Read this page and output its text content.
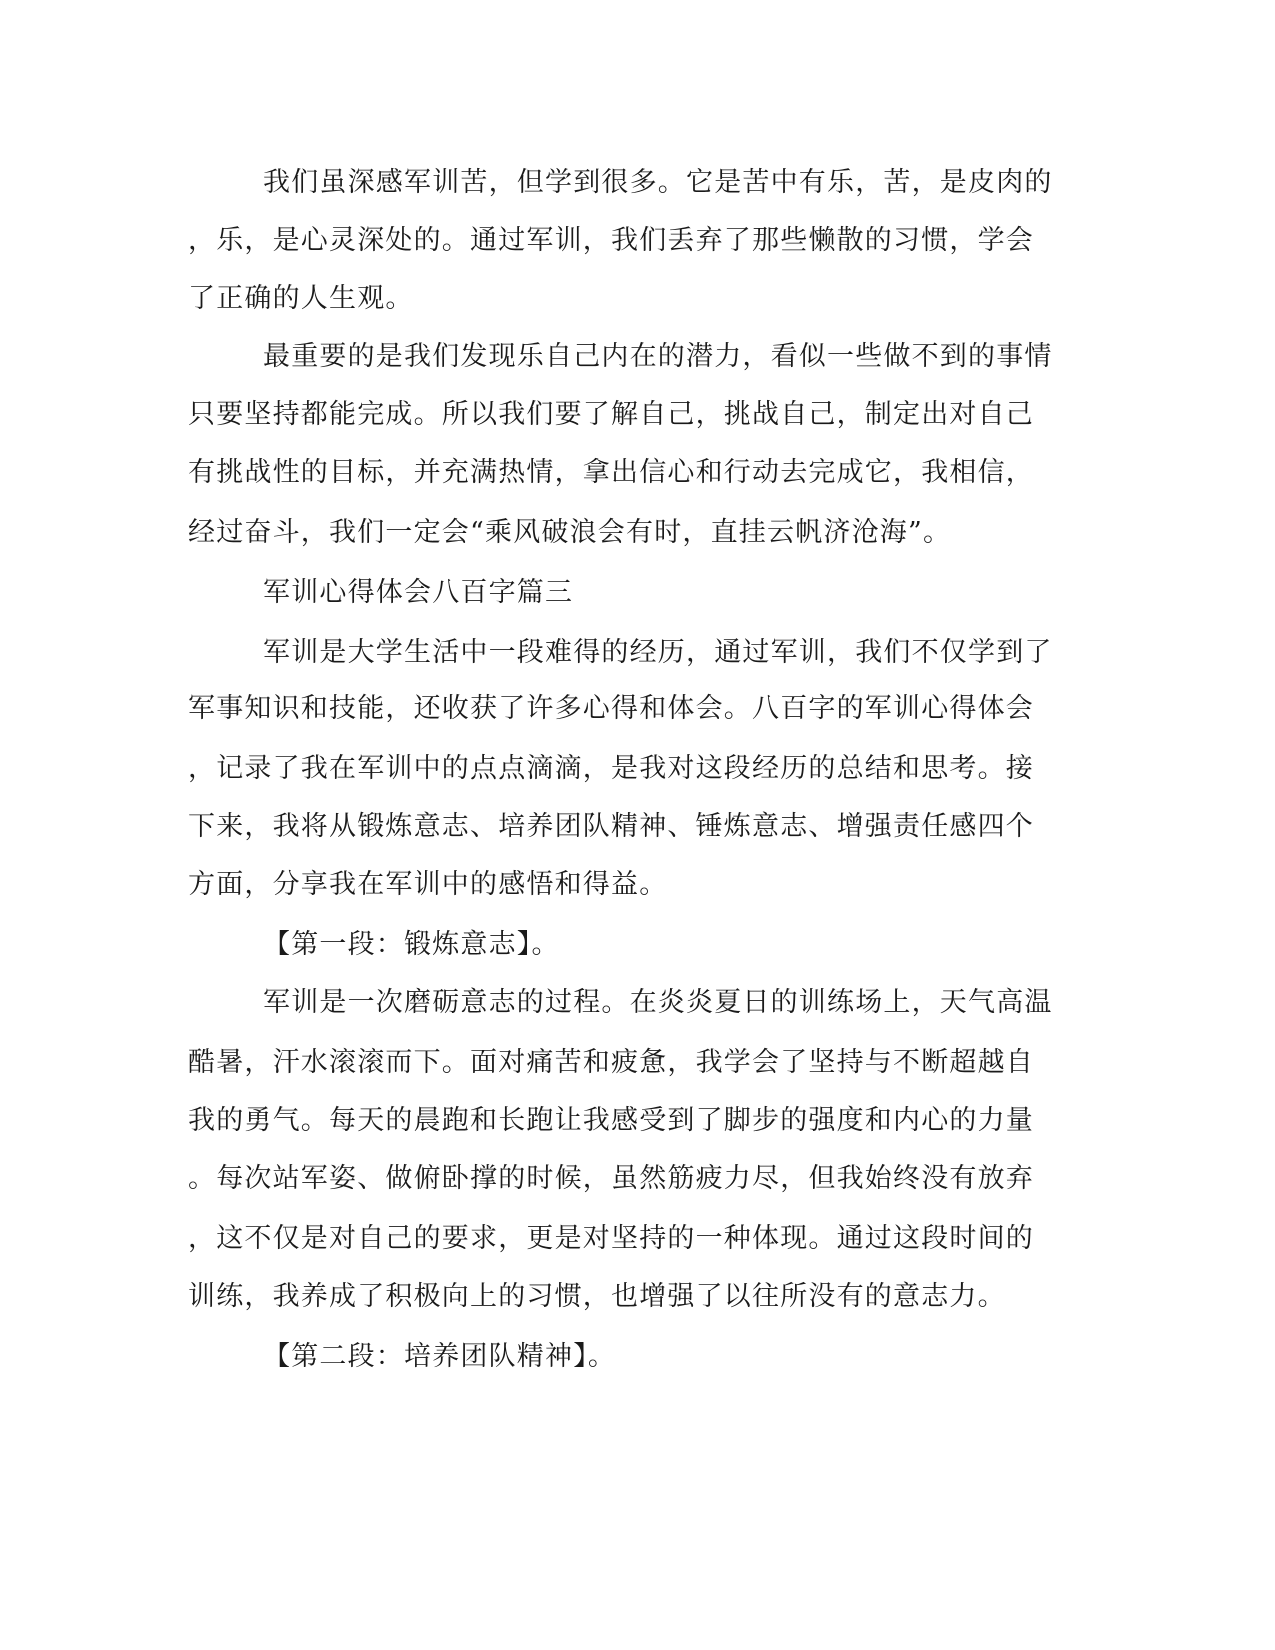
我们虽深感军训苦，但学到很多。它是苦中有乐，苦，是皮肉的
，乐，是心灵深处的。通过军训，我们丢弃了那些懒散的习惯，学会
了正确的人生观。
最重要的是我们发现乐自己内在的潜力，看似一些做不到的事情
只要坚持都能完成。所以我们要了解自己，挑战自己，制定出对自己
有挑战性的目标，并充满热情，拿出信心和行动去完成它，我相信，
经过奋斗，我们一定会“乘风破浪会有时，直挂云帆济沧海”。
军训心得体会八百字篇三
军训是大学生活中一段难得的经历，通过军训，我们不仅学到了
军事知识和技能，还收获了许多心得和体会。八百字的军训心得体会
，记录了我在军训中的点点滴滴，是我对这段经历的总结和思考。接
下来，我将从锻炼意志、培养团队精神、锤炼意志、增强责任感四个
方面，分享我在军训中的感悟和得益。
【第一段：锻炼意志】。
军训是一次磨砺意志的过程。在炎炎夏日的训练场上，天气高温
酷暑，汗水滚滚而下。面对痛苦和疲惫，我学会了坚持与不断超越自
我的勇气。每天的晨跑和长跑让我感受到了脚步的强度和内心的力量
。每次站军姿、做俯卧撑的时候，虽然筋疲力尽，但我始终没有放弃
，这不仅是对自己的要求，更是对坚持的一种体现。通过这段时间的
训练，我养成了积极向上的习惯，也增强了以往所没有的意志力。
【第二段：培养团队精神】。
